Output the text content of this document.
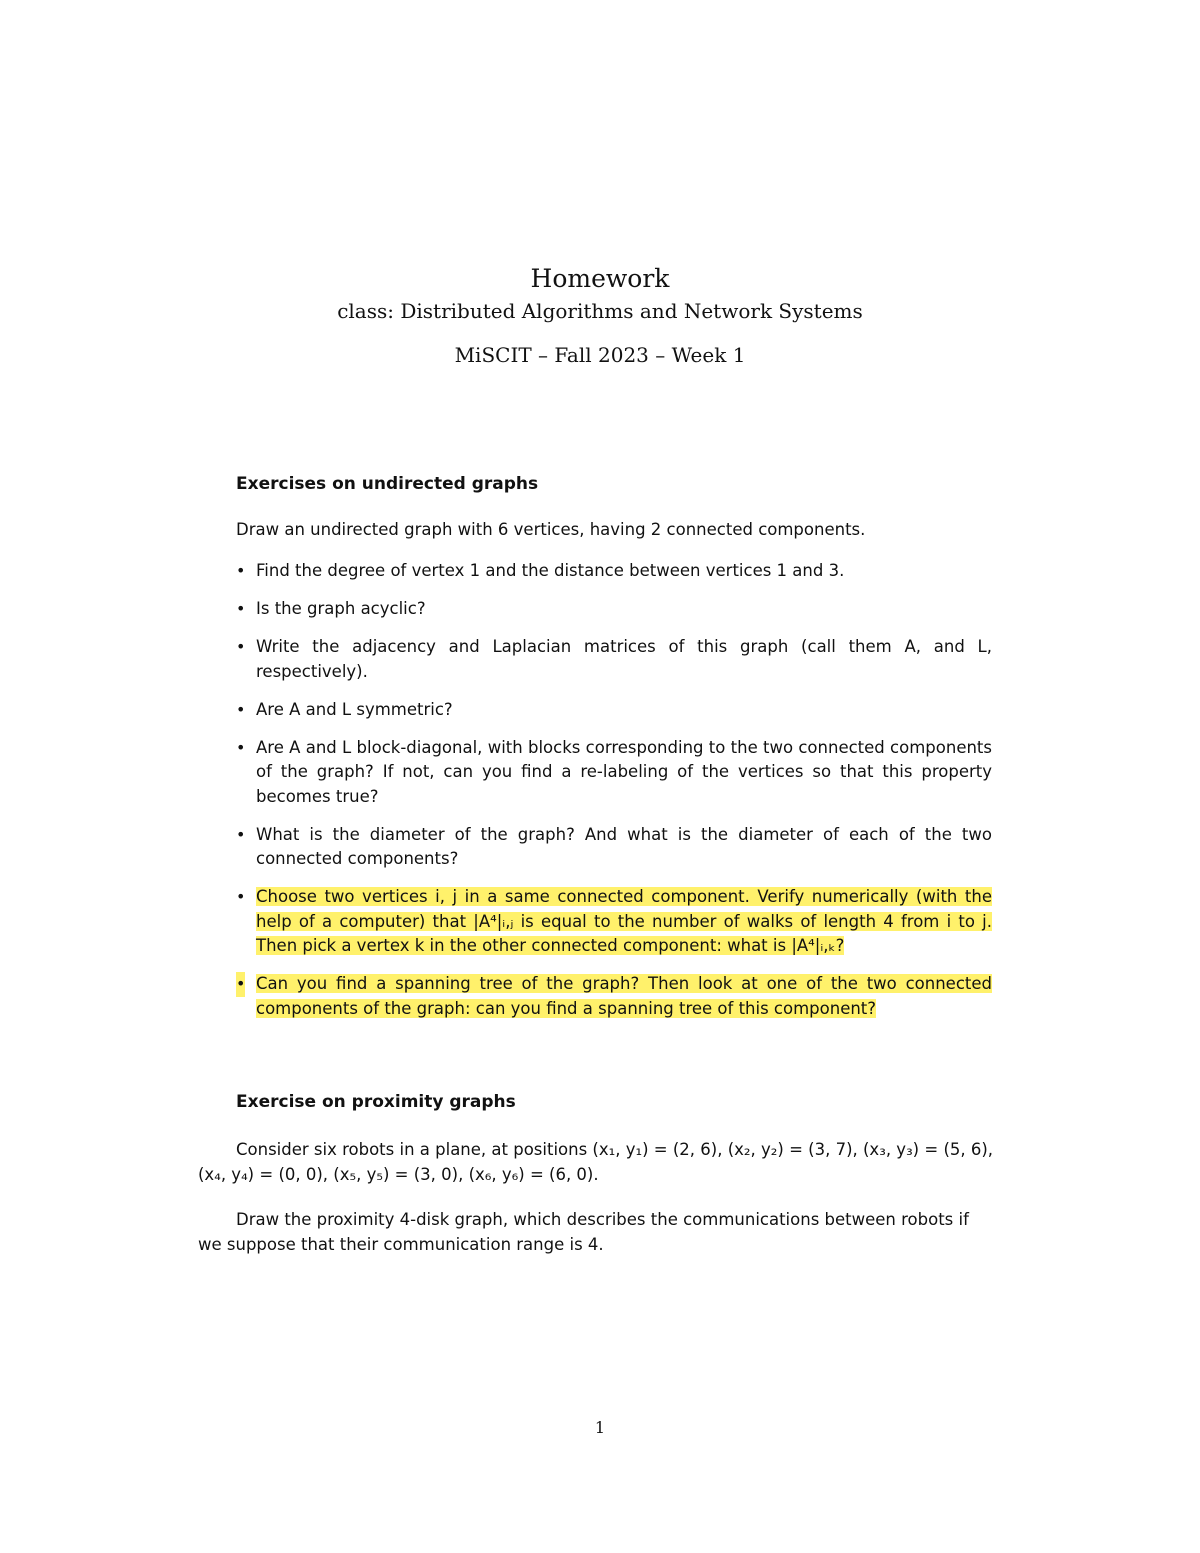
Homework
class: Distributed Algorithms and Network Systems
MiSCIT – Fall 2023 – Week 1
Exercises on undirected graphs

Draw an undirected graph with 6 vertices, having 2 connected components.

• Find the degree of vertex 1 and the distance between vertices 1 and 3.
• Is the graph acyclic?
• Write the adjacency and Laplacian matrices of this graph (call them A, and L, respectively).
• Are A and L symmetric?
• Are A and L block-diagonal, with blocks corresponding to the two connected components of the graph? If not, can you find a re-labeling of the vertices so that this property becomes true?
• What is the diameter of the graph? And what is the diameter of each of the two connected components?
• Choose two vertices i, j in a same connected component. Verify numerically (with the help of a computer) that |A⁴|ᵢ,ⱼ is equal to the number of walks of length 4 from i to j. Then pick a vertex k in the other connected component: what is |A⁴|ᵢ,ₖ?
• Can you find a spanning tree of the graph? Then look at one of the two connected components of the graph: can you find a spanning tree of this component?
Exercise on proximity graphs

Consider six robots in a plane, at positions (x₁, y₁) = (2, 6), (x₂, y₂) = (3, 7), (x₃, y₃) = (5, 6), (x₄, y₄) = (0, 0), (x₅, y₅) = (3, 0), (x₆, y₆) = (6, 0).

Draw the proximity 4-disk graph, which describes the communications between robots if we suppose that their communication range is 4.

1
